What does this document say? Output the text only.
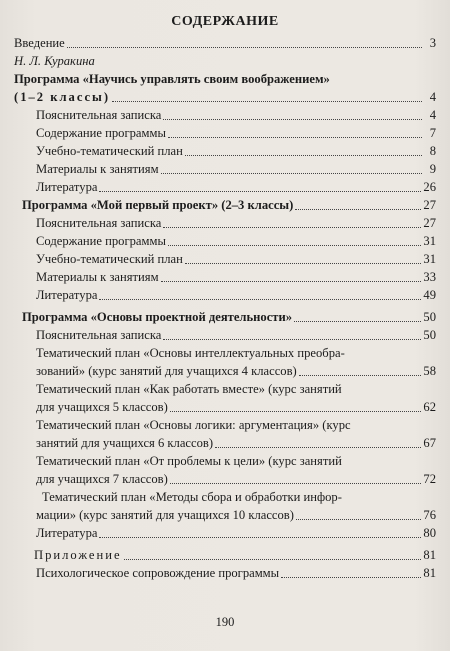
СОДЕРЖАНИЕ
Введение	3
Н. Л. Куракина
Программа «Научись управлять своим воображением»
(1–2 классы)	4
Пояснительная записка	4
Содержание программы	7
Учебно-тематический план	8
Материалы к занятиям	9
Литература	26
Программа «Мой первый проект» (2–3 классы)	27
Пояснительная записка	27
Содержание программы	31
Учебно-тематический план	31
Материалы к занятиям	33
Литература	49
Программа «Основы проектной деятельности»	50
Пояснительная записка	50
Тематический план «Основы интеллектуальных преобра-
зований» (курс занятий для учащихся 4 классов)	58
Тематический план «Как работать вместе» (курс занятий
для учащихся 5 классов)	62
Тематический план «Основы логики: аргументация» (курс
занятий для учащихся 6 классов)	67
Тематический план «От проблемы к цели» (курс занятий
для учащихся 7 классов)	72
Тематический план «Методы сбора и обработки инфор-
мации» (курс занятий для учащихся 10 классов)	76
Литература	80
Приложение	81
Психологическое сопровождение программы	81
190
